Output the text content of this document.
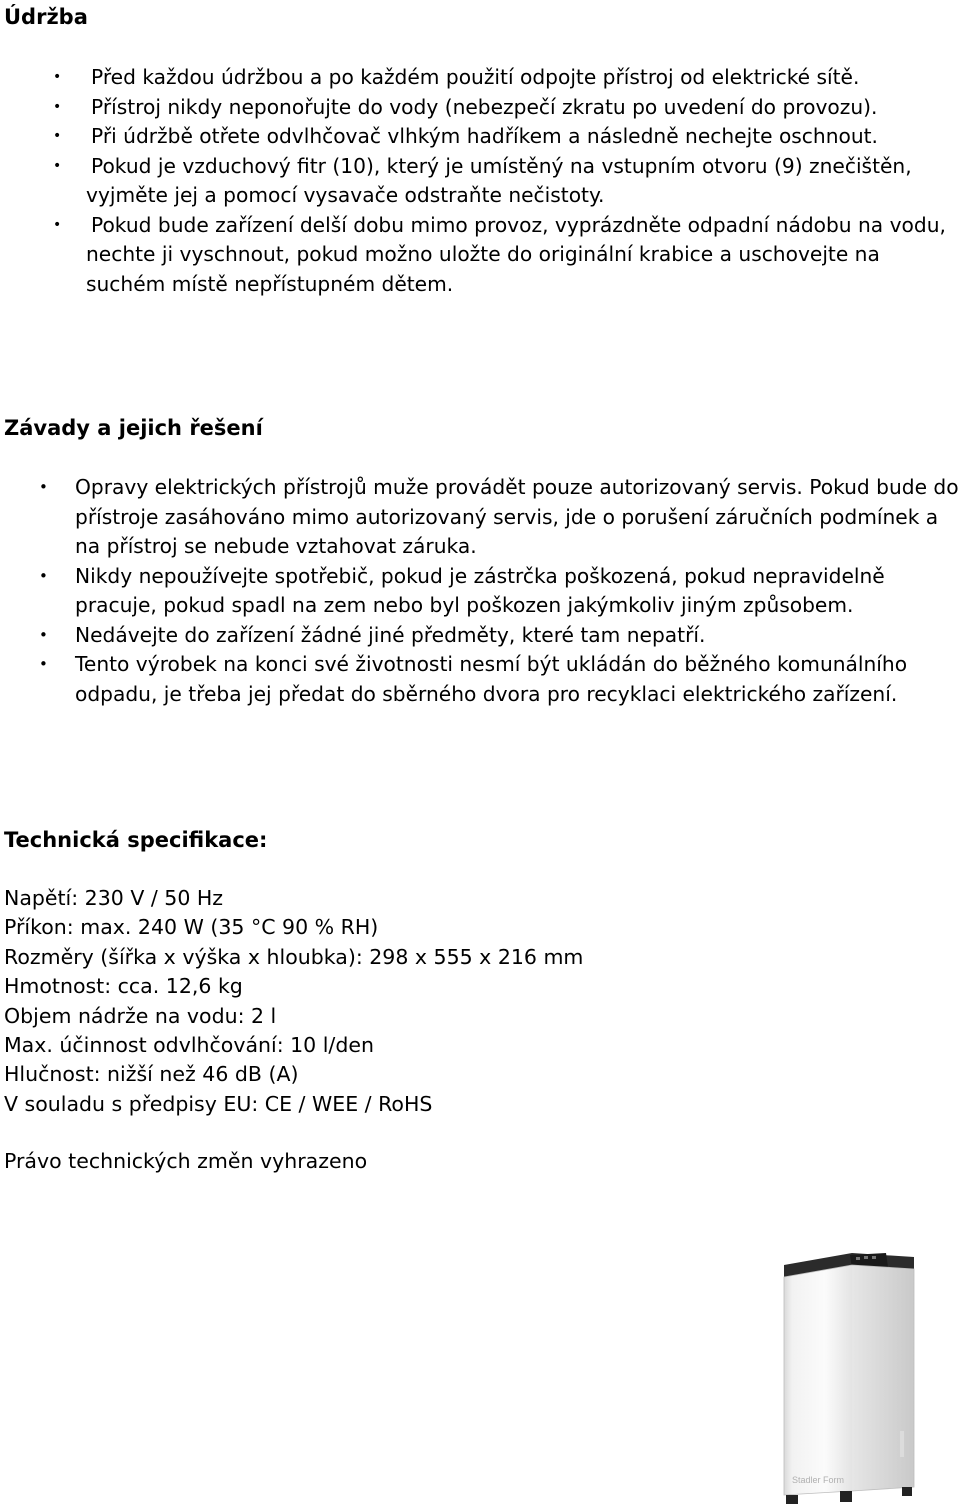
Údržba
• Před každou údržbou a po každém použití odpojte přístroj od elektrické sítě.
• Přístroj nikdy neponořujte do vody (nebezpečí zkratu po uvedení do provozu).
• Při údržbě otřete odvlhčovač vlhkým hadříkem a následně nechejte oschnout.
• Pokud je vzduchový fitr (10), který je umístěný na vstupním otvoru (9) znečištěn, vyjměte jej a pomocí vysavače odstraňte nečistoty.
• Pokud bude zařízení delší dobu mimo provoz, vyprázdněte odpadní nádobu na vodu, nechte ji vyschnout, pokud možno uložte do originální krabice a uschovejte na suchém místě nepřístupném dětem.
Závady a jejich řešení
• Opravy elektrických přístrojů muže provádět pouze autorizovaný servis. Pokud bude do přístroje zasáhováno mimo autorizovaný servis, jde o porušení záručních podmínek a na přístroj se nebude vztahovat záruka.
• Nikdy nepoužívejte spotřebič, pokud je zástrčka poškozená, pokud nepravidelně pracuje, pokud spadl na zem nebo byl poškozen jakýmkoliv jiným způsobem.
• Nedávejte do zařízení žádné jiné předměty, které tam nepatří.
• Tento výrobek na konci své životnosti nesmí být ukládán do běžného komunálního odpadu, je třeba jej předat do sběrného dvora pro recyklaci elektrického zařízení.
Technická specifikace:
Napětí: 230 V / 50 Hz
Příkon: max. 240 W (35 °C 90 % RH)
Rozměry (šířka x výška x hloubka): 298 x 555 x 216 mm
Hmotnost: cca. 12,6 kg
Objem nádrže na vodu: 2 l
Max. účinnost odvlhčování: 10 l/den
Hlučnost: nižší než 46 dB (A)
V souladu s předpisy EU: CE / WEE / RoHS

Právo technických změn vyhrazeno

Stadler Form
